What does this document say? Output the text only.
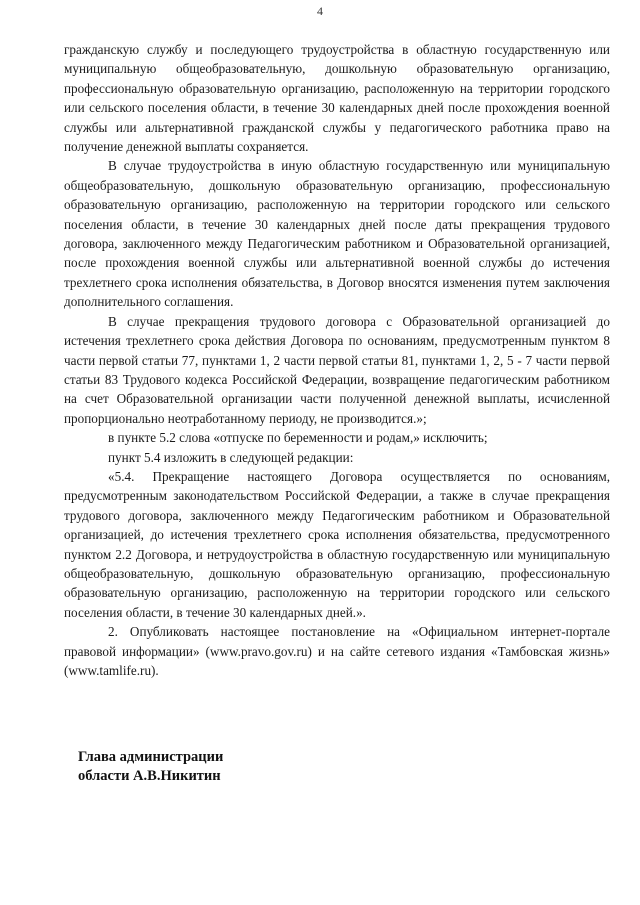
4

гражданскую службу и последующего трудоустройства в областную государственную или муниципальную общеобразовательную, дошкольную образовательную организацию, профессиональную образовательную организацию, расположенную на территории городского или сельского поселения области, в течение 30 календарных дней после прохождения военной службы или альтернативной гражданской службы у педагогического работника право на получение денежной выплаты сохраняется.

В случае трудоустройства в иную областную государственную или муниципальную общеобразовательную, дошкольную образовательную организацию, профессиональную образовательную организацию, расположенную на территории городского или сельского поселения области, в течение 30 календарных дней после даты прекращения трудового договора, заключенного между Педагогическим работником и Образовательной организацией, после прохождения военной службы или альтернативной военной службы до истечения трехлетнего срока исполнения обязательства, в Договор вносятся изменения путем заключения дополнительного соглашения.

В случае прекращения трудового договора с Образовательной организацией до истечения трехлетнего срока действия Договора по основаниям, предусмотренным пунктом 8 части первой статьи 77, пунктами 1, 2 части первой статьи 81, пунктами 1, 2, 5 - 7 части первой статьи 83 Трудового кодекса Российской Федерации, возвращение педагогическим работником на счет Образовательной организации части полученной денежной выплаты, исчисленной пропорционально неотработанному периоду, не производится.»;

в пункте 5.2 слова «отпуске по беременности и родам,» исключить;

пункт 5.4 изложить в следующей редакции:

«5.4. Прекращение настоящего Договора осуществляется по основаниям, предусмотренным законодательством Российской Федерации, а также в случае прекращения трудового договора, заключенного между Педагогическим работником и Образовательной организацией, до истечения трехлетнего срока исполнения обязательства, предусмотренного пунктом 2.2 Договора, и нетрудоустройства в областную государственную или муниципальную общеобразовательную, дошкольную образовательную организацию, профессиональную образовательную организацию, расположенную на территории городского или сельского поселения области, в течение 30 календарных дней.».

2. Опубликовать настоящее постановление на «Официальном интернет-портале правовой информации» (www.pravo.gov.ru) и на сайте сетевого издания «Тамбовская жизнь» (www.tamlife.ru).

Глава администрации
области А.В.Никитин
